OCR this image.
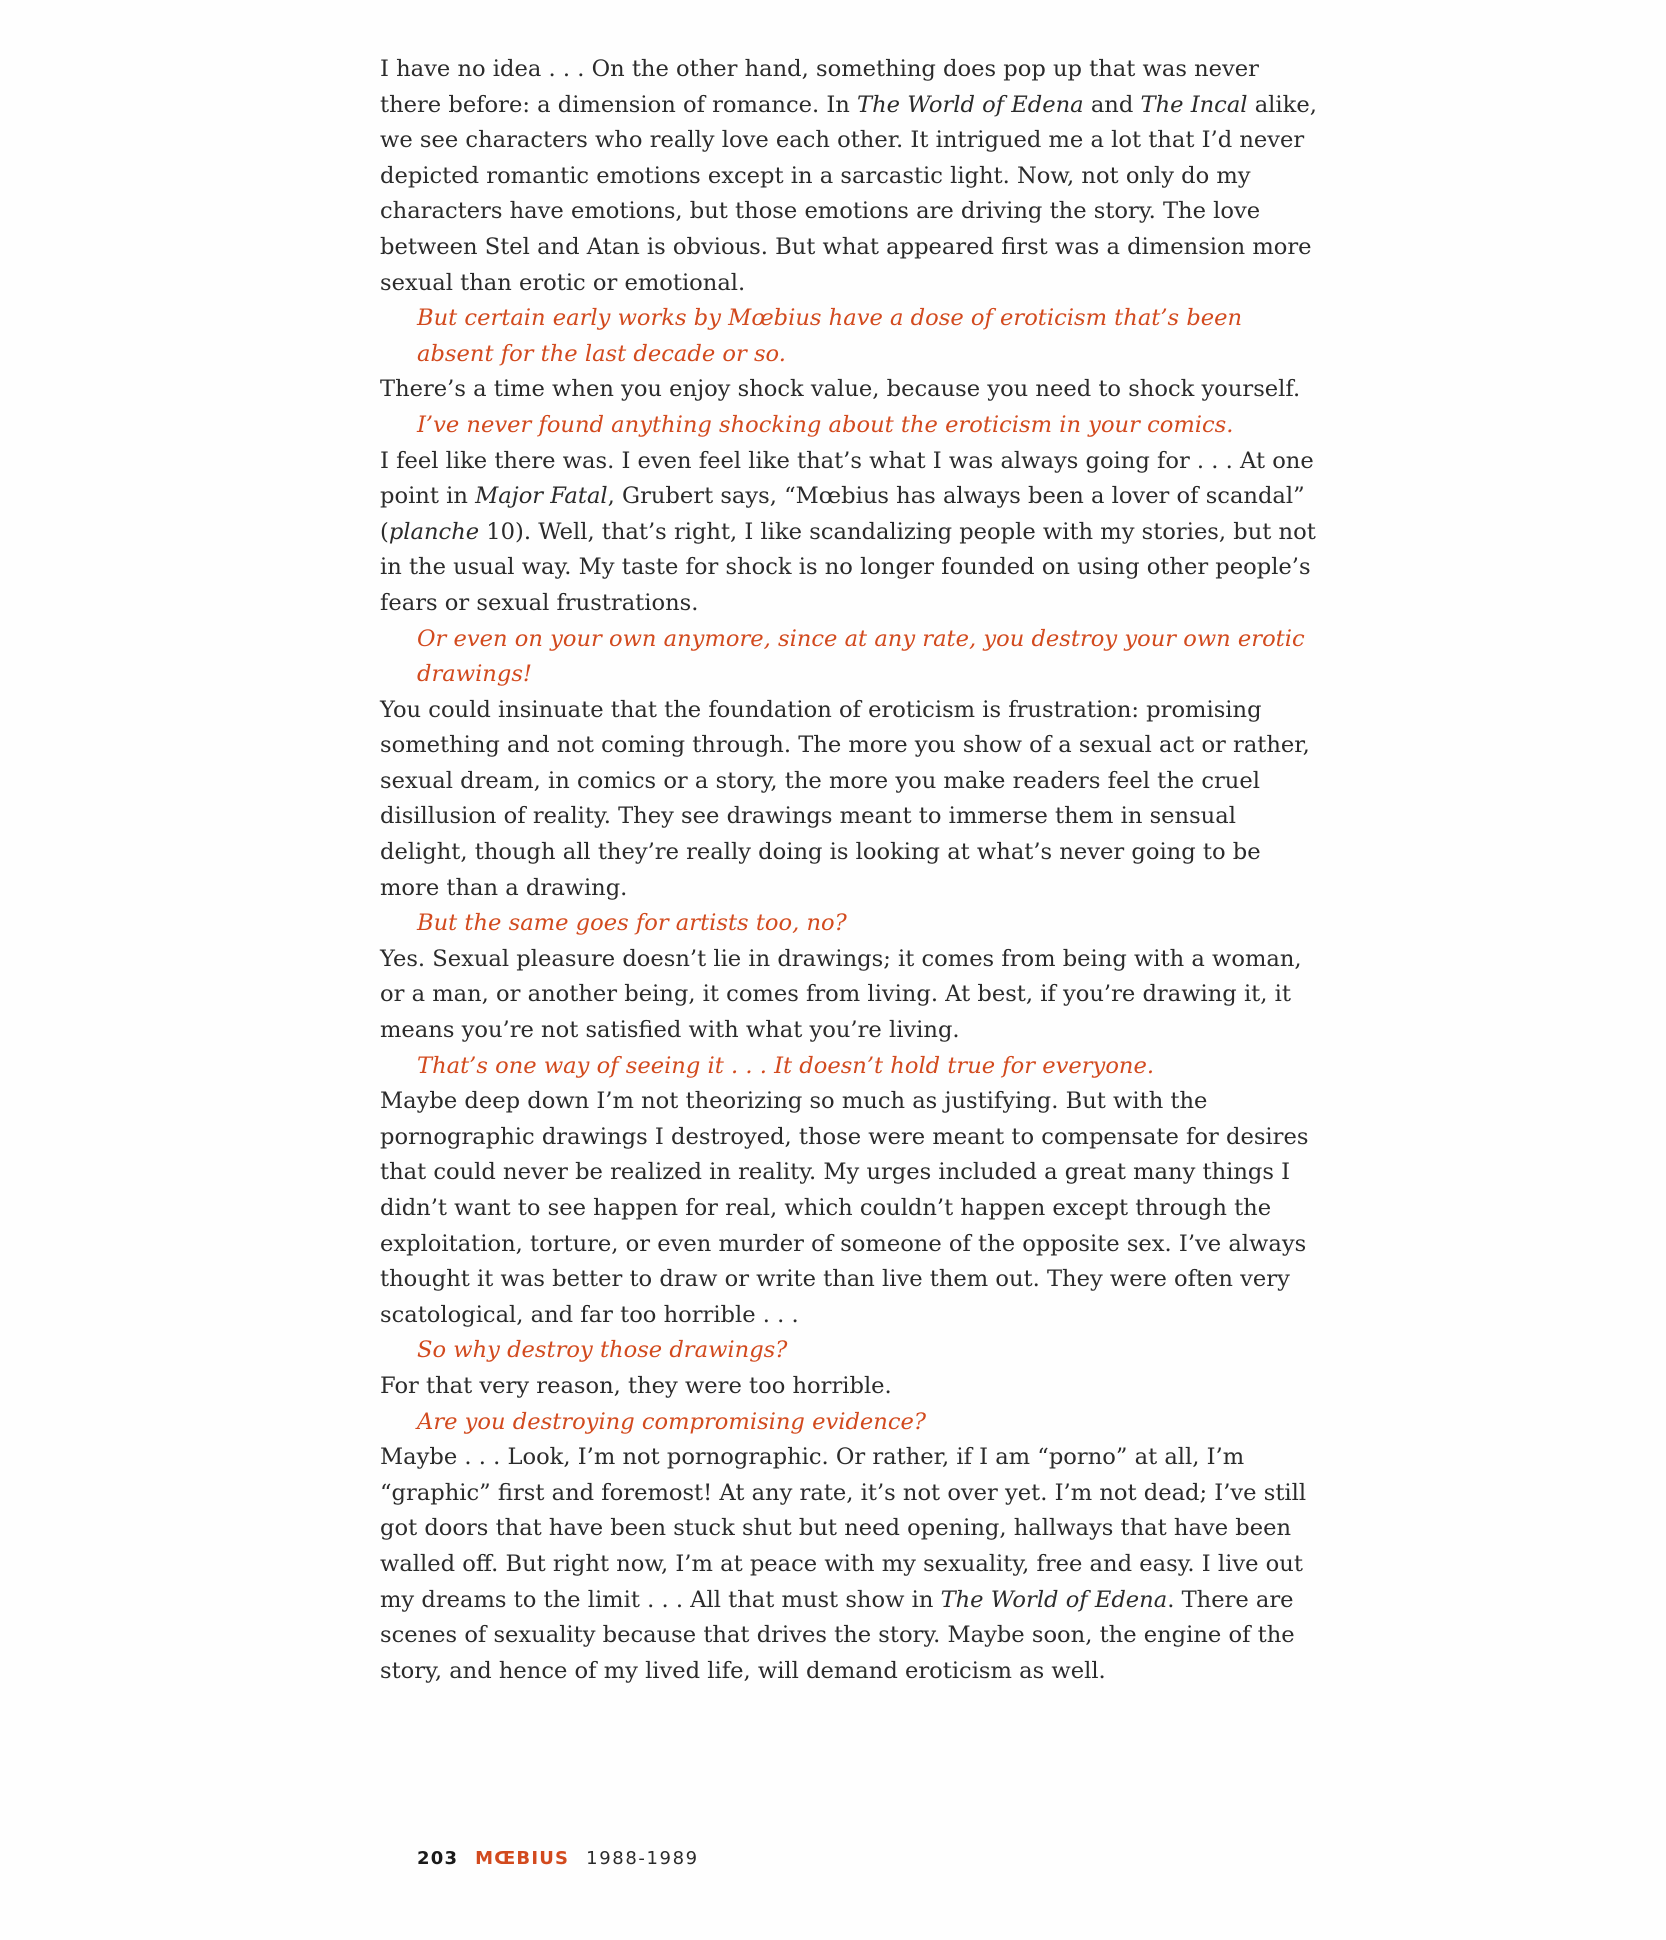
I have no idea . . . On the other hand, something does pop up that was never
there before: a dimension of romance. In The World of Edena and The Incal alike,
we see characters who really love each other. It intrigued me a lot that I’d never
depicted romantic emotions except in a sarcastic light. Now, not only do my
characters have emotions, but those emotions are driving the story. The love
between Stel and Atan is obvious. But what appeared first was a dimension more
sexual than erotic or emotional.
But certain early works by Mœbius have a dose of eroticism that’s been
absent for the last decade or so.
There’s a time when you enjoy shock value, because you need to shock yourself.
I’ve never found anything shocking about the eroticism in your comics.
I feel like there was. I even feel like that’s what I was always going for . . . At one
point in Major Fatal, Grubert says, “Mœbius has always been a lover of scandal”
(planche 10). Well, that’s right, I like scandalizing people with my stories, but not
in the usual way. My taste for shock is no longer founded on using other people’s
fears or sexual frustrations.
Or even on your own anymore, since at any rate, you destroy your own erotic
drawings!
You could insinuate that the foundation of eroticism is frustration: promising
something and not coming through. The more you show of a sexual act or rather,
sexual dream, in comics or a story, the more you make readers feel the cruel
disillusion of reality. They see drawings meant to immerse them in sensual
delight, though all they’re really doing is looking at what’s never going to be
more than a drawing.
But the same goes for artists too, no?
Yes. Sexual pleasure doesn’t lie in drawings; it comes from being with a woman,
or a man, or another being, it comes from living. At best, if you’re drawing it, it
means you’re not satisfied with what you’re living.
That’s one way of seeing it . . . It doesn’t hold true for everyone.
Maybe deep down I’m not theorizing so much as justifying. But with the
pornographic drawings I destroyed, those were meant to compensate for desires
that could never be realized in reality. My urges included a great many things I
didn’t want to see happen for real, which couldn’t happen except through the
exploitation, torture, or even murder of someone of the opposite sex. I’ve always
thought it was better to draw or write than live them out. They were often very
scatological, and far too horrible . . .
So why destroy those drawings?
For that very reason, they were too horrible.
Are you destroying compromising evidence?
Maybe . . . Look, I’m not pornographic. Or rather, if I am “porno” at all, I’m
“graphic” first and foremost! At any rate, it’s not over yet. I’m not dead; I’ve still
got doors that have been stuck shut but need opening, hallways that have been
walled off. But right now, I’m at peace with my sexuality, free and easy. I live out
my dreams to the limit . . . All that must show in The World of Edena. There are
scenes of sexuality because that drives the story. Maybe soon, the engine of the
story, and hence of my lived life, will demand eroticism as well.
203 MŒBIUS 1988-1989
